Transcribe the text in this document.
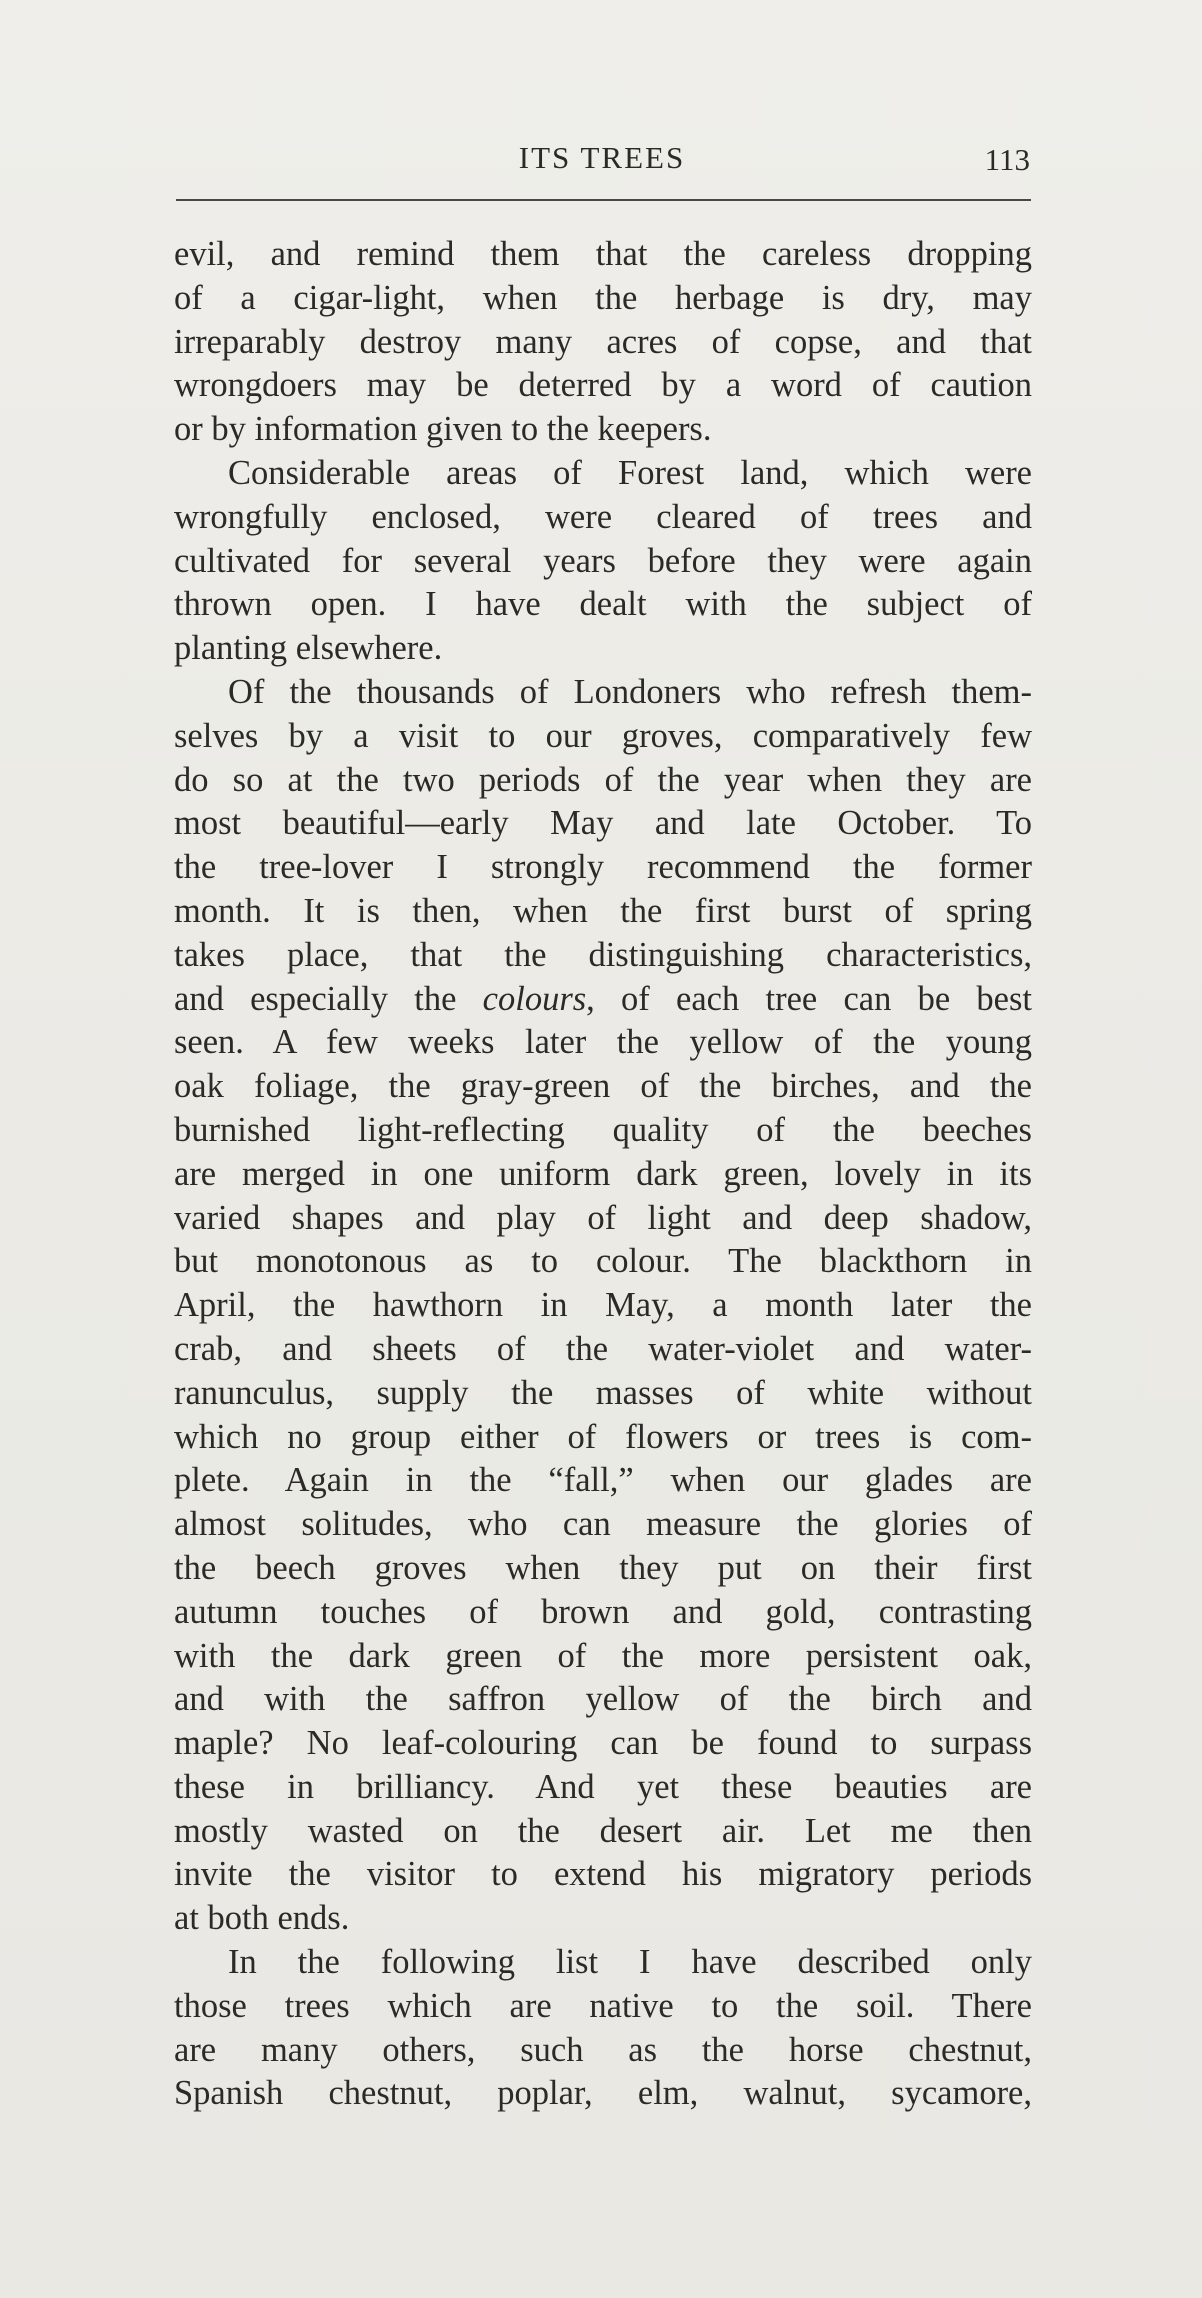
ITS TREES	113
evil, and remind them that the careless dropping
of a cigar-light, when the herbage is dry, may
irreparably destroy many acres of copse, and that
wrongdoers may be deterred by a word of caution
or by information given to the keepers.
Considerable areas of Forest land, which were
wrongfully enclosed, were cleared of trees and
cultivated for several years before they were again
thrown open. I have dealt with the subject of
planting elsewhere.
Of the thousands of Londoners who refresh them-
selves by a visit to our groves, comparatively few
do so at the two periods of the year when they are
most beautiful—early May and late October. To
the tree-lover I strongly recommend the former
month. It is then, when the first burst of spring
takes place, that the distinguishing characteristics,
and especially the colours, of each tree can be best
seen. A few weeks later the yellow of the young
oak foliage, the gray-green of the birches, and the
burnished light-reflecting quality of the beeches
are merged in one uniform dark green, lovely in its
varied shapes and play of light and deep shadow,
but monotonous as to colour. The blackthorn in
April, the hawthorn in May, a month later the
crab, and sheets of the water-violet and water-
ranunculus, supply the masses of white without
which no group either of flowers or trees is com-
plete. Again in the “fall,” when our glades are
almost solitudes, who can measure the glories of
the beech groves when they put on their first
autumn touches of brown and gold, contrasting
with the dark green of the more persistent oak,
and with the saffron yellow of the birch and
maple? No leaf-colouring can be found to surpass
these in brilliancy. And yet these beauties are
mostly wasted on the desert air. Let me then
invite the visitor to extend his migratory periods
at both ends.
In the following list I have described only
those trees which are native to the soil. There
are many others, such as the horse chestnut,
Spanish chestnut, poplar, elm, walnut, sycamore,
